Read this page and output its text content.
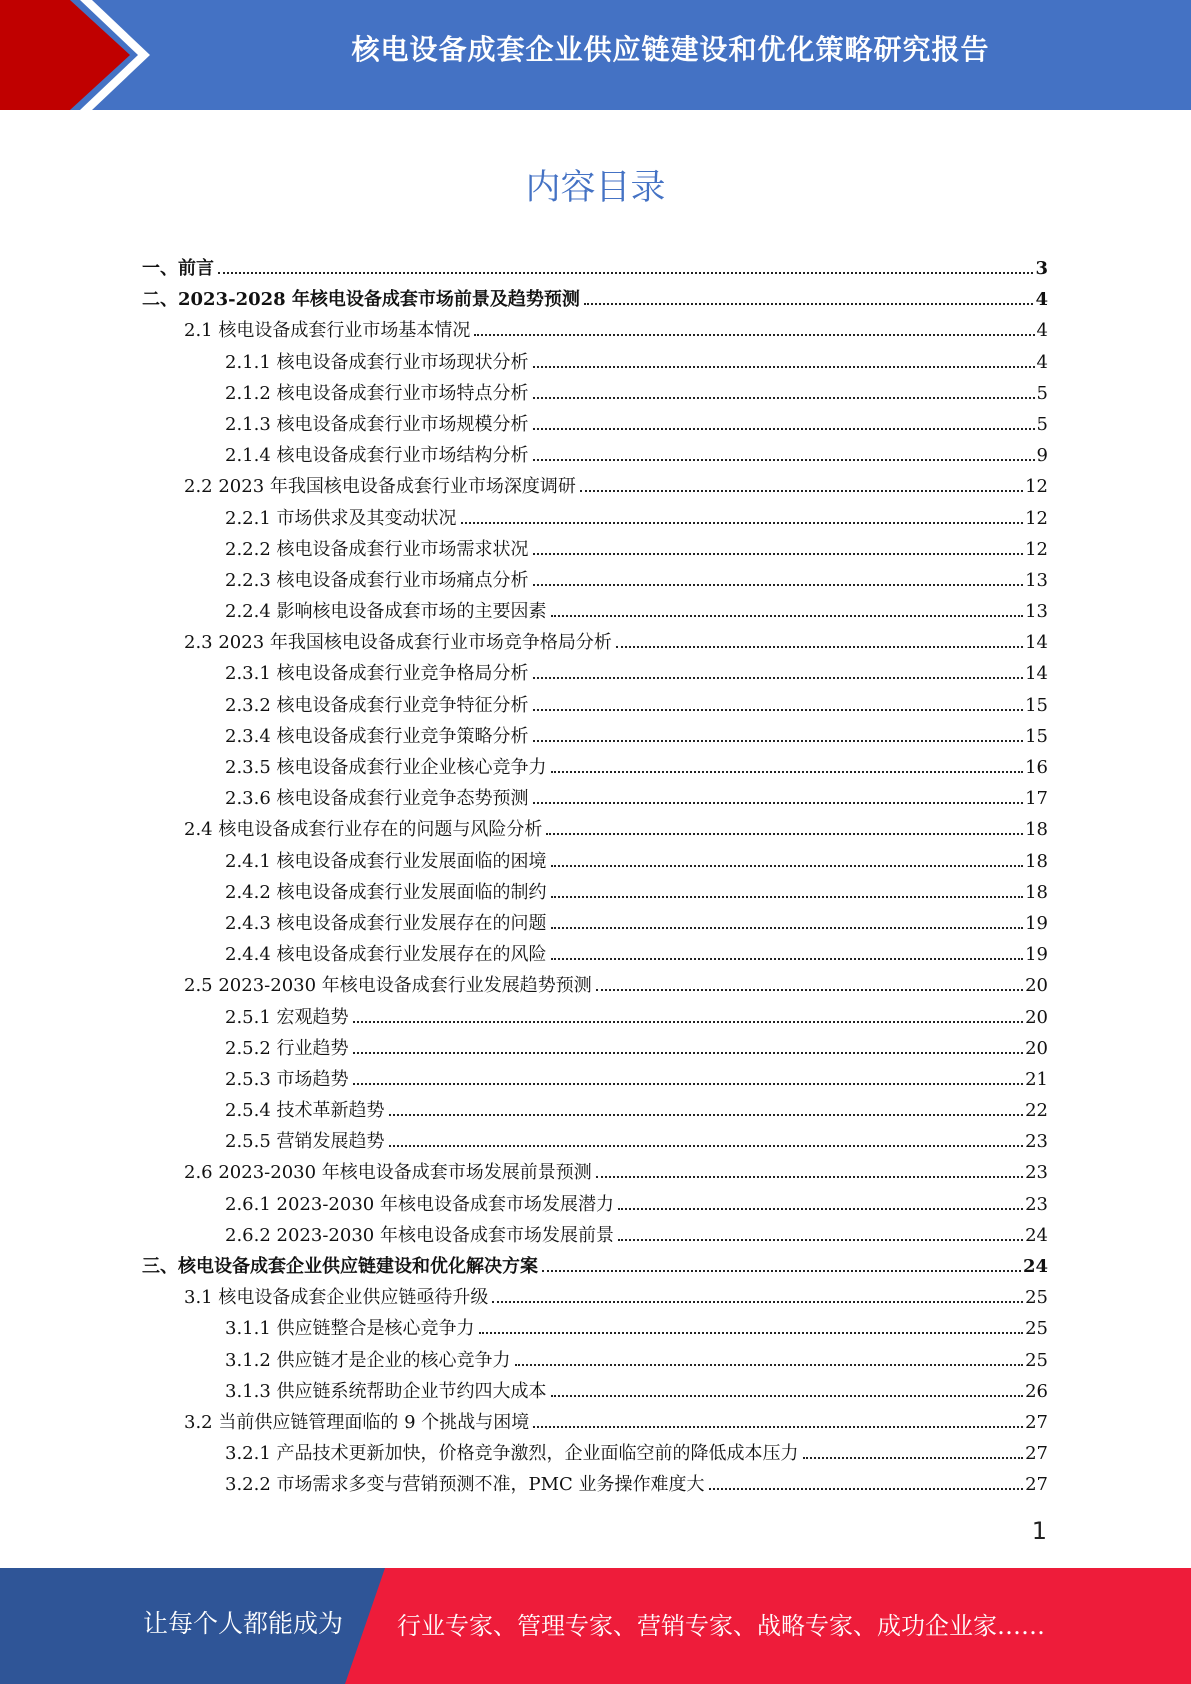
核电设备成套企业供应链建设和优化策略研究报告
内容目录
一、前言	3
二、2023-2028 年核电设备成套市场前景及趋势预测	4
2.1 核电设备成套行业市场基本情况	4
2.1.1 核电设备成套行业市场现状分析	4
2.1.2 核电设备成套行业市场特点分析	5
2.1.3 核电设备成套行业市场规模分析	5
2.1.4 核电设备成套行业市场结构分析	9
2.2 2023 年我国核电设备成套行业市场深度调研	12
2.2.1 市场供求及其变动状况	12
2.2.2 核电设备成套行业市场需求状况	12
2.2.3 核电设备成套行业市场痛点分析	13
2.2.4 影响核电设备成套市场的主要因素	13
2.3 2023 年我国核电设备成套行业市场竞争格局分析	14
2.3.1 核电设备成套行业竞争格局分析	14
2.3.2 核电设备成套行业竞争特征分析	15
2.3.4 核电设备成套行业竞争策略分析	15
2.3.5 核电设备成套行业企业核心竞争力	16
2.3.6 核电设备成套行业竞争态势预测	17
2.4 核电设备成套行业存在的问题与风险分析	18
2.4.1 核电设备成套行业发展面临的困境	18
2.4.2 核电设备成套行业发展面临的制约	18
2.4.3 核电设备成套行业发展存在的问题	19
2.4.4 核电设备成套行业发展存在的风险	19
2.5 2023-2030 年核电设备成套行业发展趋势预测	20
2.5.1 宏观趋势	20
2.5.2 行业趋势	20
2.5.3 市场趋势	21
2.5.4 技术革新趋势	22
2.5.5 营销发展趋势	23
2.6 2023-2030 年核电设备成套市场发展前景预测	23
2.6.1 2023-2030 年核电设备成套市场发展潜力	23
2.6.2 2023-2030 年核电设备成套市场发展前景	24
三、核电设备成套企业供应链建设和优化解决方案	24
3.1 核电设备成套企业供应链亟待升级	25
3.1.1 供应链整合是核心竞争力	25
3.1.2 供应链才是企业的核心竞争力	25
3.1.3 供应链系统帮助企业节约四大成本	26
3.2 当前供应链管理面临的 9 个挑战与困境	27
3.2.1 产品技术更新加快，价格竞争激烈，企业面临空前的降低成本压力	27
3.2.2 市场需求多变与营销预测不准，PMC 业务操作难度大	27
1
让每个人都能成为 行业专家、管理专家、营销专家、战略专家、成功企业家……
